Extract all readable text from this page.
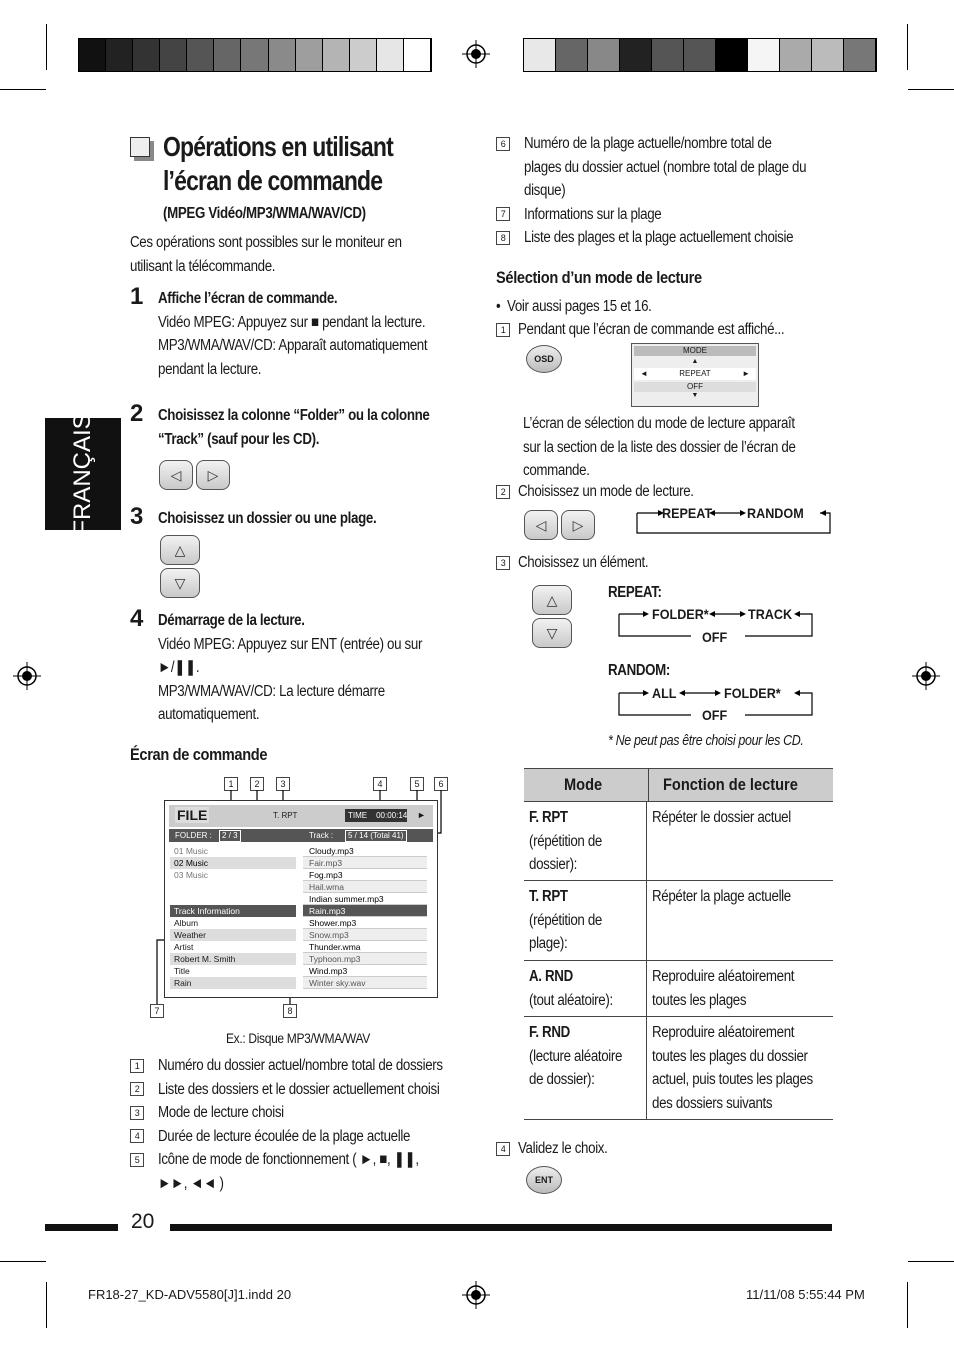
FRANÇAIS
Opérations en utilisant
l’écran de commande
(MPEG Vidéo/MP3/WMA/WAV/CD)
Ces opérations sont possibles sur le moniteur en
utilisant la télécommande.
1 Affiche l’écran de commande.
Vidéo MPEG: Appuyez sur ■ pendant la lecture.
MP3/WMA/WAV/CD: Apparaît automatiquement
pendant la lecture.
2 Choisissez la colonne “Folder” ou la colonne
“Track” (sauf pour les CD).
◁ ▷
3 Choisissez un dossier ou une plage.
△
▽
4 Démarrage de la lecture.
Vidéo MPEG: Appuyez sur ENT (entrée) ou sur
►/❚❚.
MP3/WMA/WAV/CD: La lecture démarre
automatiquement.
Écran de commande
1	2	3	4	5	6
7	8
FILE	T. RPT	TIME 00:00:14 ►
FOLDER :	2 / 3	Track :	5 / 14 (Total 41)
01 Music
02 Music
03 Music
Cloudy.mp3
Fair.mp3
Fog.mp3
Hail.wma
Indian summer.mp3
Rain.mp3
Shower.mp3
Snow.mp3
Thunder.wma
Typhoon.mp3
Wind.mp3
Winter sky.wav
Track Information
Album
Weather
Artist
Robert M. Smith
Title
Rain
Ex.: Disque MP3/WMA/WAV
1 Numéro du dossier actuel/nombre total de dossiers
2 Liste des dossiers et le dossier actuellement choisi
3 Mode de lecture choisi
4 Durée de lecture écoulée de la plage actuelle
5 Icône de mode de fonctionnement ( ►, ■, ❚❚,
►►, ◄◄ )
6 Numéro de la plage actuelle/nombre total de
plages du dossier actuel (nombre total de plage du
disque)
7 Informations sur la plage
8 Liste des plages et la plage actuellement choisie
Sélection d’un mode de lecture
•  Voir aussi pages 15 et 16.
1 Pendant que l’écran de commande est affiché...
OSD
MODE
▲
◄	REPEAT	►
OFF
▼
L’écran de sélection du mode de lecture apparaît
sur la section de la liste des dossier de l’écran de
commande.
2 Choisissez un mode de lecture.
◁ ▷
REPEAT RANDOM
3 Choisissez un élément.
△
▽
REPEAT:
FOLDER*	TRACK
OFF
RANDOM:
ALL	FOLDER*
OFF
* Ne peut pas être choisi pour les CD.
Mode	Fonction de lecture
F. RPT
(répétition de
dossier):

Répéter le dossier actuel

T. RPT
(répétition de
plage):

Répéter la plage actuelle

A. RND
(tout aléatoire):

Reproduire aléatoirement
toutes les plages

F. RND
(lecture aléatoire
de dossier):

Reproduire aléatoirement
toutes les plages du dossier
actuel, puis toutes les plages
des dossiers suivants

4 Validez le choix.
ENT
20
FR18-27_KD-ADV5580[J]1.indd 20	11/11/08 5:55:44 PM
